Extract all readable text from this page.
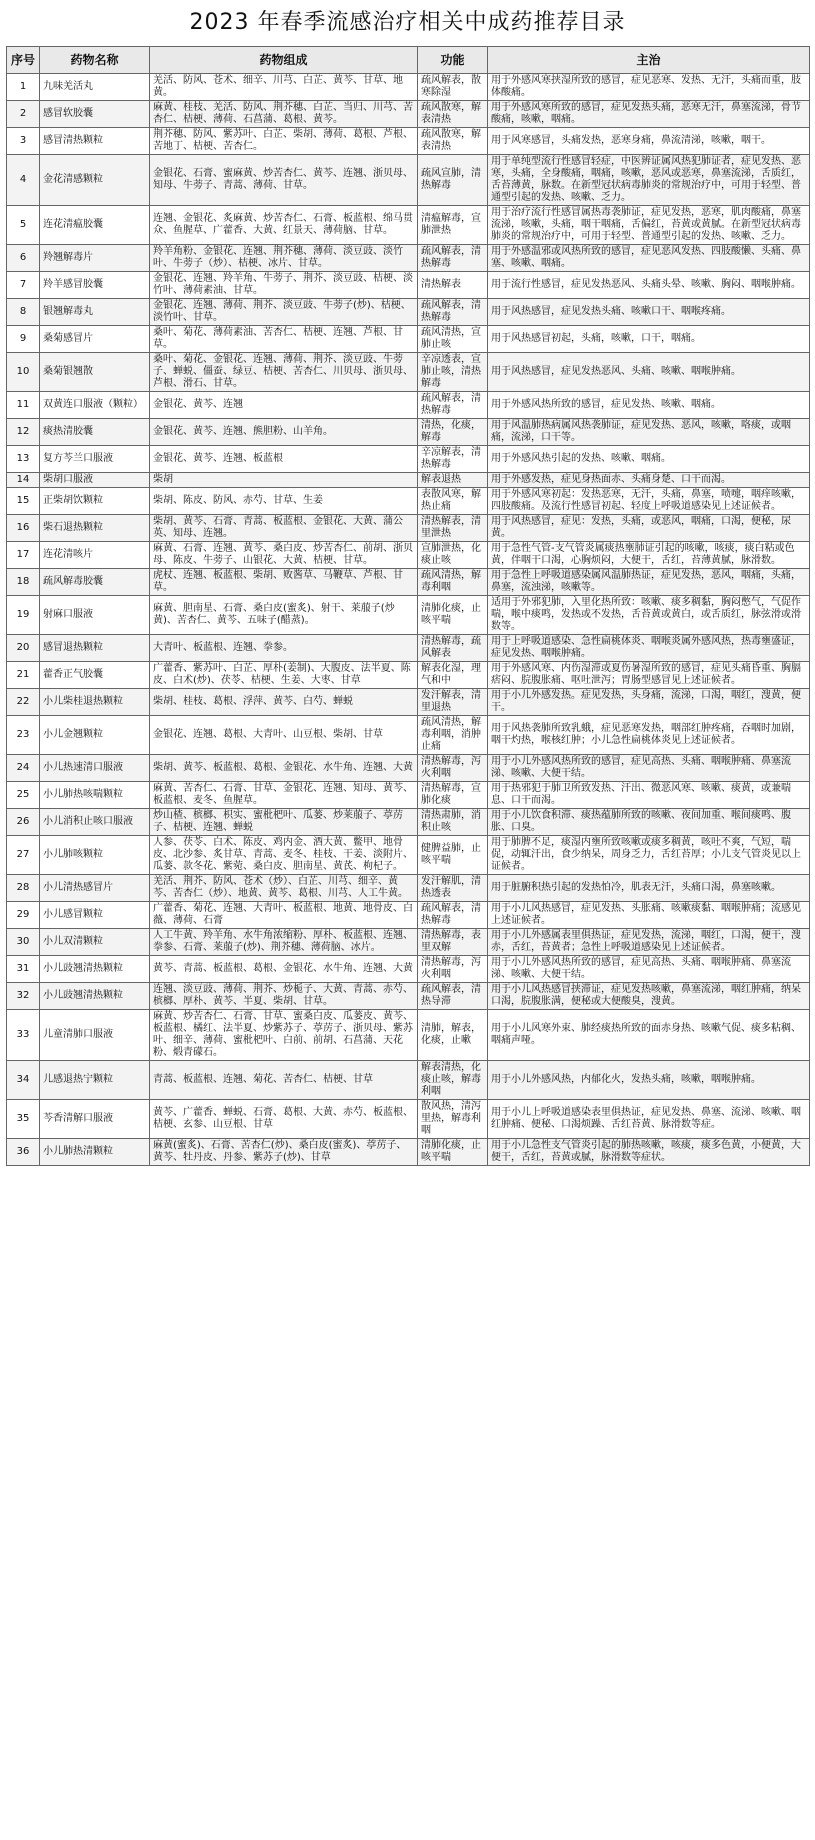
2023 年春季流感治疗相关中成药推荐目录
序号	药物名称	药物组成	功能	主治
1	九味羌活丸	羌活、防风、苍术、细辛、川芎、白芷、黄芩、甘草、地黄。	疏风解表，散寒除湿	用于外感风寒挟湿所致的感冒，症见恶寒、发热、无汗，头痛而重，肢体酸痛。
2	感冒软胶囊	麻黄、桂枝、羌活、防风、荆芥穗、白芷、当归、川芎、苦杏仁、桔梗、薄荷、石菖蒲、葛根、黄芩。	疏风散寒，解表清热	用于外感风寒所致的感冒，症见发热头痛，恶寒无汗，鼻塞流涕，骨节酸痛，咳嗽，咽痛。
3	感冒清热颗粒	荆芥穗、防风、紫苏叶、白芷、柴胡、薄荷、葛根、芦根、苦地丁、桔梗、苦杏仁。	疏风散寒，解表清热	用于风寒感冒，头痛发热，恶寒身痛，鼻流清涕，咳嗽，咽干。
4	金花清感颗粒	金银花、石膏、蜜麻黄、炒苦杏仁、黄芩、连翘、浙贝母、知母、牛蒡子、青蒿、薄荷、甘草。	疏风宣肺，清热解毒	用于单纯型流行性感冒轻症，中医辨证属风热犯肺证者，症见发热、恶寒，头痛，全身酸痛，咽痛，咳嗽，恶风或恶寒，鼻塞流涕，舌质红，舌苔薄黄，脉数。在新型冠状病毒肺炎的常规治疗中，可用于轻型、普通型引起的发热、咳嗽、乏力。
5	连花清瘟胶囊	连翘、金银花、炙麻黄、炒苦杏仁、石膏、板蓝根、绵马贯众、鱼腥草、广藿香、大黄、红景天、薄荷脑、甘草。	清瘟解毒，宣肺泄热	用于治疗流行性感冒属热毒袭肺证，症见发热，恶寒，肌肉酸痛，鼻塞流涕，咳嗽，头痛，咽干咽痛，舌偏红，苔黄或黄腻。在新型冠状病毒肺炎的常规治疗中，可用于轻型、普通型引起的发热、咳嗽、乏力。
6	羚翘解毒片	羚羊角粉、金银花、连翘、荆芥穗、薄荷、淡豆豉、淡竹叶、牛蒡子（炒）、桔梗、冰片、甘草。	疏风解表，清热解毒	用于外感温邪或风热所致的感冒，症见恶风发热、四肢酸懒、头痛、鼻塞、咳嗽、咽痛。
7	羚羊感冒胶囊	金银花、连翘、羚羊角、牛蒡子、荆芥、淡豆豉、桔梗、淡竹叶、薄荷素油、甘草。	清热解表	用于流行性感冒，症见发热恶风、头痛头晕、咳嗽、胸闷、咽喉肿痛。
8	银翘解毒丸	金银花、连翘、薄荷、荆芥、淡豆豉、牛蒡子(炒)、桔梗、淡竹叶、甘草。	疏风解表，清热解毒	用于风热感冒，症见发热头痛、咳嗽口干、咽喉疼痛。
9	桑菊感冒片	桑叶、菊花、薄荷素油、苦杏仁、桔梗、连翘、芦根、甘草。	疏风清热，宣肺止咳	用于风热感冒初起，头痛，咳嗽，口干，咽痛。
10	桑菊银翘散	桑叶、菊花、金银花、连翘、薄荷、荆芥、淡豆豉、牛蒡子、蝉蜕、僵蚕、绿豆、桔梗、苦杏仁、川贝母、浙贝母、芦根、滑石、甘草。	辛凉透表，宣肺止咳，清热解毒	用于风热感冒，症见发热恶风、头痛、咳嗽、咽喉肿痛。
11	双黄连口服液（颗粒）	金银花、黄芩、连翘	疏风解表，清热解毒	用于外感风热所致的感冒，症见发热、咳嗽、咽痛。
12	痰热清胶囊	金银花、黄芩、连翘、熊胆粉、山羊角。	清热，化痰，解毒	用于风温肺热病属风热袭肺证，症见发热、恶风，咳嗽，咯痰，或咽痛，流涕，口干等。
13	复方芩兰口服液	金银花、黄芩、连翘、板蓝根	辛凉解表，清热解毒	用于外感风热引起的发热、咳嗽、咽痛。
14	柴胡口服液	柴胡	解表退热	用于外感发热，症见身热面赤、头痛身楚、口干而渴。
15	正柴胡饮颗粒	柴胡、陈皮、防风、赤芍、甘草、生姜	表散风寒，解热止痛	用于外感风寒初起：发热恶寒，无汗，头痛，鼻塞，喷嚏，咽痒咳嗽，四肢酸痛。及流行性感冒初起、轻度上呼吸道感染见上述证候者。
16	柴石退热颗粒	柴胡、黄芩、石膏、青蒿、板蓝根、金银花、大黄、蒲公英、知母、连翘。	清热解表，清里泄热	用于风热感冒，症见：发热，头痛，或恶风，咽痛，口渴，便秘，尿黄。
17	连花清咳片	麻黄、石膏、连翘、黄芩、桑白皮、炒苦杏仁、前胡、浙贝母、陈皮、牛蒡子、山银花、大黄、桔梗、甘草。	宣肺泄热，化痰止咳	用于急性气管-支气管炎属痰热壅肺证引起的咳嗽，咳痰，痰白粘或色黄，伴咽干口渴，心胸烦闷，大便干，舌红，苔薄黄腻，脉滑数。
18	疏风解毒胶囊	虎杖、连翘、板蓝根、柴胡、败酱草、马鞭草、芦根、甘草。	疏风清热，解毒利咽	用于急性上呼吸道感染属风温肺热证，症见发热，恶风，咽痛，头痛，鼻塞，流浊涕，咳嗽等。
19	射麻口服液	麻黄、胆南星、石膏、桑白皮(蜜炙)、射干、莱菔子(炒黄)、苦杏仁、黄芩、五味子(醋蒸)。	清肺化痰，止咳平喘	适用于外邪犯肺，入里化热所致：咳嗽、痰多稠黏，胸闷憋气，气促作喘，喉中痰鸣，发热或不发热，舌苔黄或黄白，或舌质红，脉弦滑或滑数等。
20	感冒退热颗粒	大青叶、板蓝根、连翘、拳参。	清热解毒，疏风解表	用于上呼吸道感染、急性扁桃体炎、咽喉炎属外感风热，热毒壅盛证，症见发热、咽喉肿痛。
21	藿香正气胶囊	广藿香、紫苏叶、白芷、厚朴(姜制)、大腹皮、法半夏、陈皮、白术(炒)、茯苓、桔梗、生姜、大枣、甘草	解表化湿，理气和中	用于外感风寒、内伤湿滞或夏伤暑湿所致的感冒，症见头痛昏重、胸膈痞闷、脘腹胀痛、呕吐泄泻；胃肠型感冒见上述证候者。
22	小儿柴桂退热颗粒	柴胡、桂枝、葛根、浮萍、黄芩、白芍、蝉蜕	发汗解表，清里退热	用于小儿外感发热。症见发热，头身痛，流涕，口渴，咽红，溲黄，便干。
23	小儿金翘颗粒	金银花、连翘、葛根、大青叶、山豆根、柴胡、甘草	疏风清热，解毒利咽，消肿止痛	用于风热袭肺所致乳蛾，症见恶寒发热，咽部红肿疼痛，吞咽时加剧，咽干灼热，喉核红肿；小儿急性扁桃体炎见上述证候者。
24	小儿热速清口服液	柴胡、黄芩、板蓝根、葛根、金银花、水牛角、连翘、大黄	清热解毒，泻火利咽	用于小儿外感风热所致的感冒，症见高热、头痛、咽喉肿痛、鼻塞流涕、咳嗽、大便干结。
25	小儿肺热咳喘颗粒	麻黄、苦杏仁、石膏、甘草、金银花、连翘、知母、黄芩、板蓝根、麦冬、鱼腥草。	清热解毒，宣肺化痰	用于热邪犯于肺卫所致发热、汗出、微恶风寒、咳嗽、痰黄，或兼喘息、口干而渴。
26	小儿消积止咳口服液	炒山楂、槟榔、枳实、蜜枇杷叶、瓜蒌、炒莱菔子、葶苈子、桔梗、连翘、蝉蜕	清热肃肺，消积止咳	用于小儿饮食积滞、痰热蕴肺所致的咳嗽、夜间加重、喉间痰鸣、腹胀、口臭。
27	小儿肺咳颗粒	人参、茯苓、白术、陈皮、鸡内金、酒大黄、鳖甲、地骨皮、北沙参、炙甘草、青蒿、麦冬、桂枝、干姜、淡附片、瓜蒌、款冬花、紫菀、桑白皮、胆南星、黄芪、枸杞子。	健脾益肺，止咳平喘	用于肺脾不足，痰湿内壅所致咳嗽或痰多稠黄，咳吐不爽，气短，喘促，动辄汗出，食少纳呆，周身乏力，舌红苔厚；小儿支气管炎见以上证候者。
28	小儿清热感冒片	羌活、荆芥、防风、苍术（炒）、白芷、川芎、细辛、黄芩、苦杏仁（炒）、地黄、黄芩、葛根、川芎、人工牛黄。	发汗解肌，清热透表	用于脏腑积热引起的发热怕冷，肌表无汗，头痛口渴，鼻塞咳嗽。
29	小儿感冒颗粒	广藿香、菊花、连翘、大青叶、板蓝根、地黄、地骨皮、白薇、薄荷、石膏	疏风解表，清热解毒	用于小儿风热感冒，症见发热、头胀痛、咳嗽痰黏、咽喉肿痛；流感见上述证候者。
30	小儿双清颗粒	人工牛黄、羚羊角、水牛角浓缩粉、厚朴、板蓝根、连翘、拳参、石膏、莱菔子(炒)、荆芥穗、薄荷脑、冰片。	清热解毒，表里双解	用于小儿外感属表里俱热证，症见发热，流涕，咽红，口渴，便干，溲赤，舌红，苔黄者；急性上呼吸道感染见上述证候者。
31	小儿豉翘清热颗粒	黄芩、青蒿、板蓝根、葛根、金银花、水牛角、连翘、大黄	清热解毒，泻火利咽	用于小儿外感风热所致的感冒，症见高热、头痛、咽喉肿痛、鼻塞流涕、咳嗽、大便干结。
32	小儿豉翘清热颗粒	连翘、淡豆豉、薄荷、荆芥、炒栀子、大黄、青蒿、赤芍、槟榔、厚朴、黄芩、半夏、柴胡、甘草。	疏风解表，清热导滞	用于小儿风热感冒挟滞证，症见发热咳嗽，鼻塞流涕，咽红肿痛，纳呆口渴，脘腹胀满，便秘或大便酸臭，溲黄。
33	儿童清肺口服液	麻黄、炒苦杏仁、石膏、甘草、蜜桑白皮、瓜蒌皮、黄芩、板蓝根、橘红、法半夏、炒紫苏子、葶苈子、浙贝母、紫苏叶、细辛、薄荷、蜜枇杷叶、白前、前胡、石菖蒲、天花粉、煅青礞石。	清肺，解表，化痰，止嗽	用于小儿风寒外束、肺经痰热所致的面赤身热、咳嗽气促、痰多粘稠、咽痛声哑。
34	儿感退热宁颗粒	青蒿、板蓝根、连翘、菊花、苦杏仁、桔梗、甘草	解表清热，化痰止咳，解毒利咽	用于小儿外感风热，内郁化火，发热头痛，咳嗽，咽喉肿痛。
35	芩香清解口服液	黄芩、广藿香、蝉蜕、石膏、葛根、大黄、赤芍、板蓝根、桔梗、玄参、山豆根、甘草	散风热，清泻里热，解毒利咽	用于小儿上呼吸道感染表里俱热证，症见发热、鼻塞、流涕、咳嗽、咽红肿痛、便秘、口渴烦躁、舌红苔黄、脉滑数等症。
36	小儿肺热清颗粒	麻黄(蜜炙)、石膏、苦杏仁(炒)、桑白皮(蜜炙)、葶苈子、黄芩、牡丹皮、丹参、紫苏子(炒)、甘草	清肺化痰，止咳平喘	用于小儿急性支气管炎引起的肺热咳嗽，咳痰，痰多色黄，小便黄，大便干，舌红，苔黄或腻，脉滑数等症状。
